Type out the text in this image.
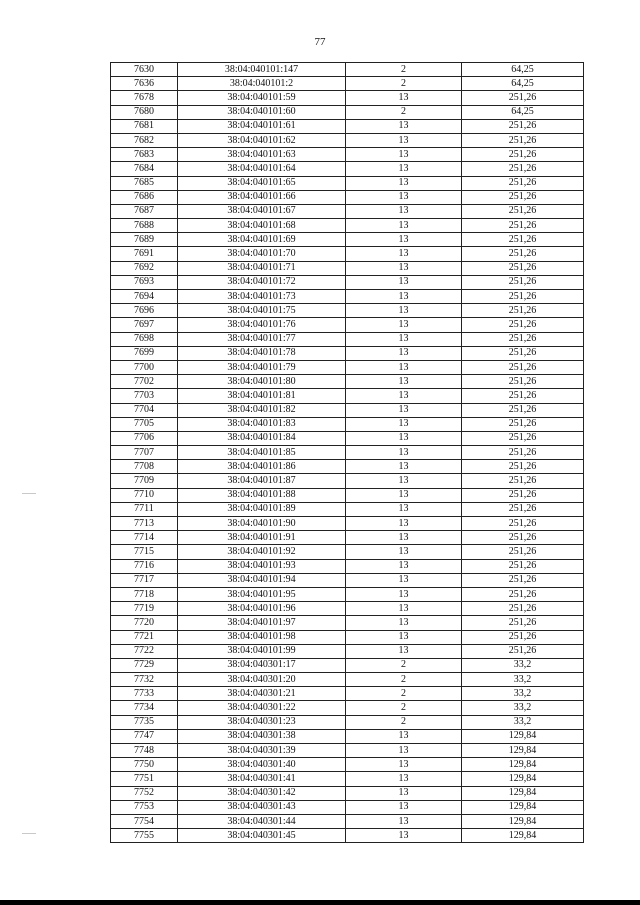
77
7630	38:04:040101:147	2	64,25
7636	38:04:040101:2	2	64,25
7678	38:04:040101:59	13	251,26
7680	38:04:040101:60	2	64,25
7681	38:04:040101:61	13	251,26
7682	38:04:040101:62	13	251,26
7683	38:04:040101:63	13	251,26
7684	38:04:040101:64	13	251,26
7685	38:04:040101:65	13	251,26
7686	38:04:040101:66	13	251,26
7687	38:04:040101:67	13	251,26
7688	38:04:040101:68	13	251,26
7689	38:04:040101:69	13	251,26
7691	38:04:040101:70	13	251,26
7692	38:04:040101:71	13	251,26
7693	38:04:040101:72	13	251,26
7694	38:04:040101:73	13	251,26
7696	38:04:040101:75	13	251,26
7697	38:04:040101:76	13	251,26
7698	38:04:040101:77	13	251,26
7699	38:04:040101:78	13	251,26
7700	38:04:040101:79	13	251,26
7702	38:04:040101:80	13	251,26
7703	38:04:040101:81	13	251,26
7704	38:04:040101:82	13	251,26
7705	38:04:040101:83	13	251,26
7706	38:04:040101:84	13	251,26
7707	38:04:040101:85	13	251,26
7708	38:04:040101:86	13	251,26
7709	38:04:040101:87	13	251,26
7710	38:04:040101:88	13	251,26
7711	38:04:040101:89	13	251,26
7713	38:04:040101:90	13	251,26
7714	38:04:040101:91	13	251,26
7715	38:04:040101:92	13	251,26
7716	38:04:040101:93	13	251,26
7717	38:04:040101:94	13	251,26
7718	38:04:040101:95	13	251,26
7719	38:04:040101:96	13	251,26
7720	38:04:040101:97	13	251,26
7721	38:04:040101:98	13	251,26
7722	38:04:040101:99	13	251,26
7729	38:04:040301:17	2	33,2
7732	38:04:040301:20	2	33,2
7733	38:04:040301:21	2	33,2
7734	38:04:040301:22	2	33,2
7735	38:04:040301:23	2	33,2
7747	38:04:040301:38	13	129,84
7748	38:04:040301:39	13	129,84
7750	38:04:040301:40	13	129,84
7751	38:04:040301:41	13	129,84
7752	38:04:040301:42	13	129,84
7753	38:04:040301:43	13	129,84
7754	38:04:040301:44	13	129,84
7755	38:04:040301:45	13	129,84
